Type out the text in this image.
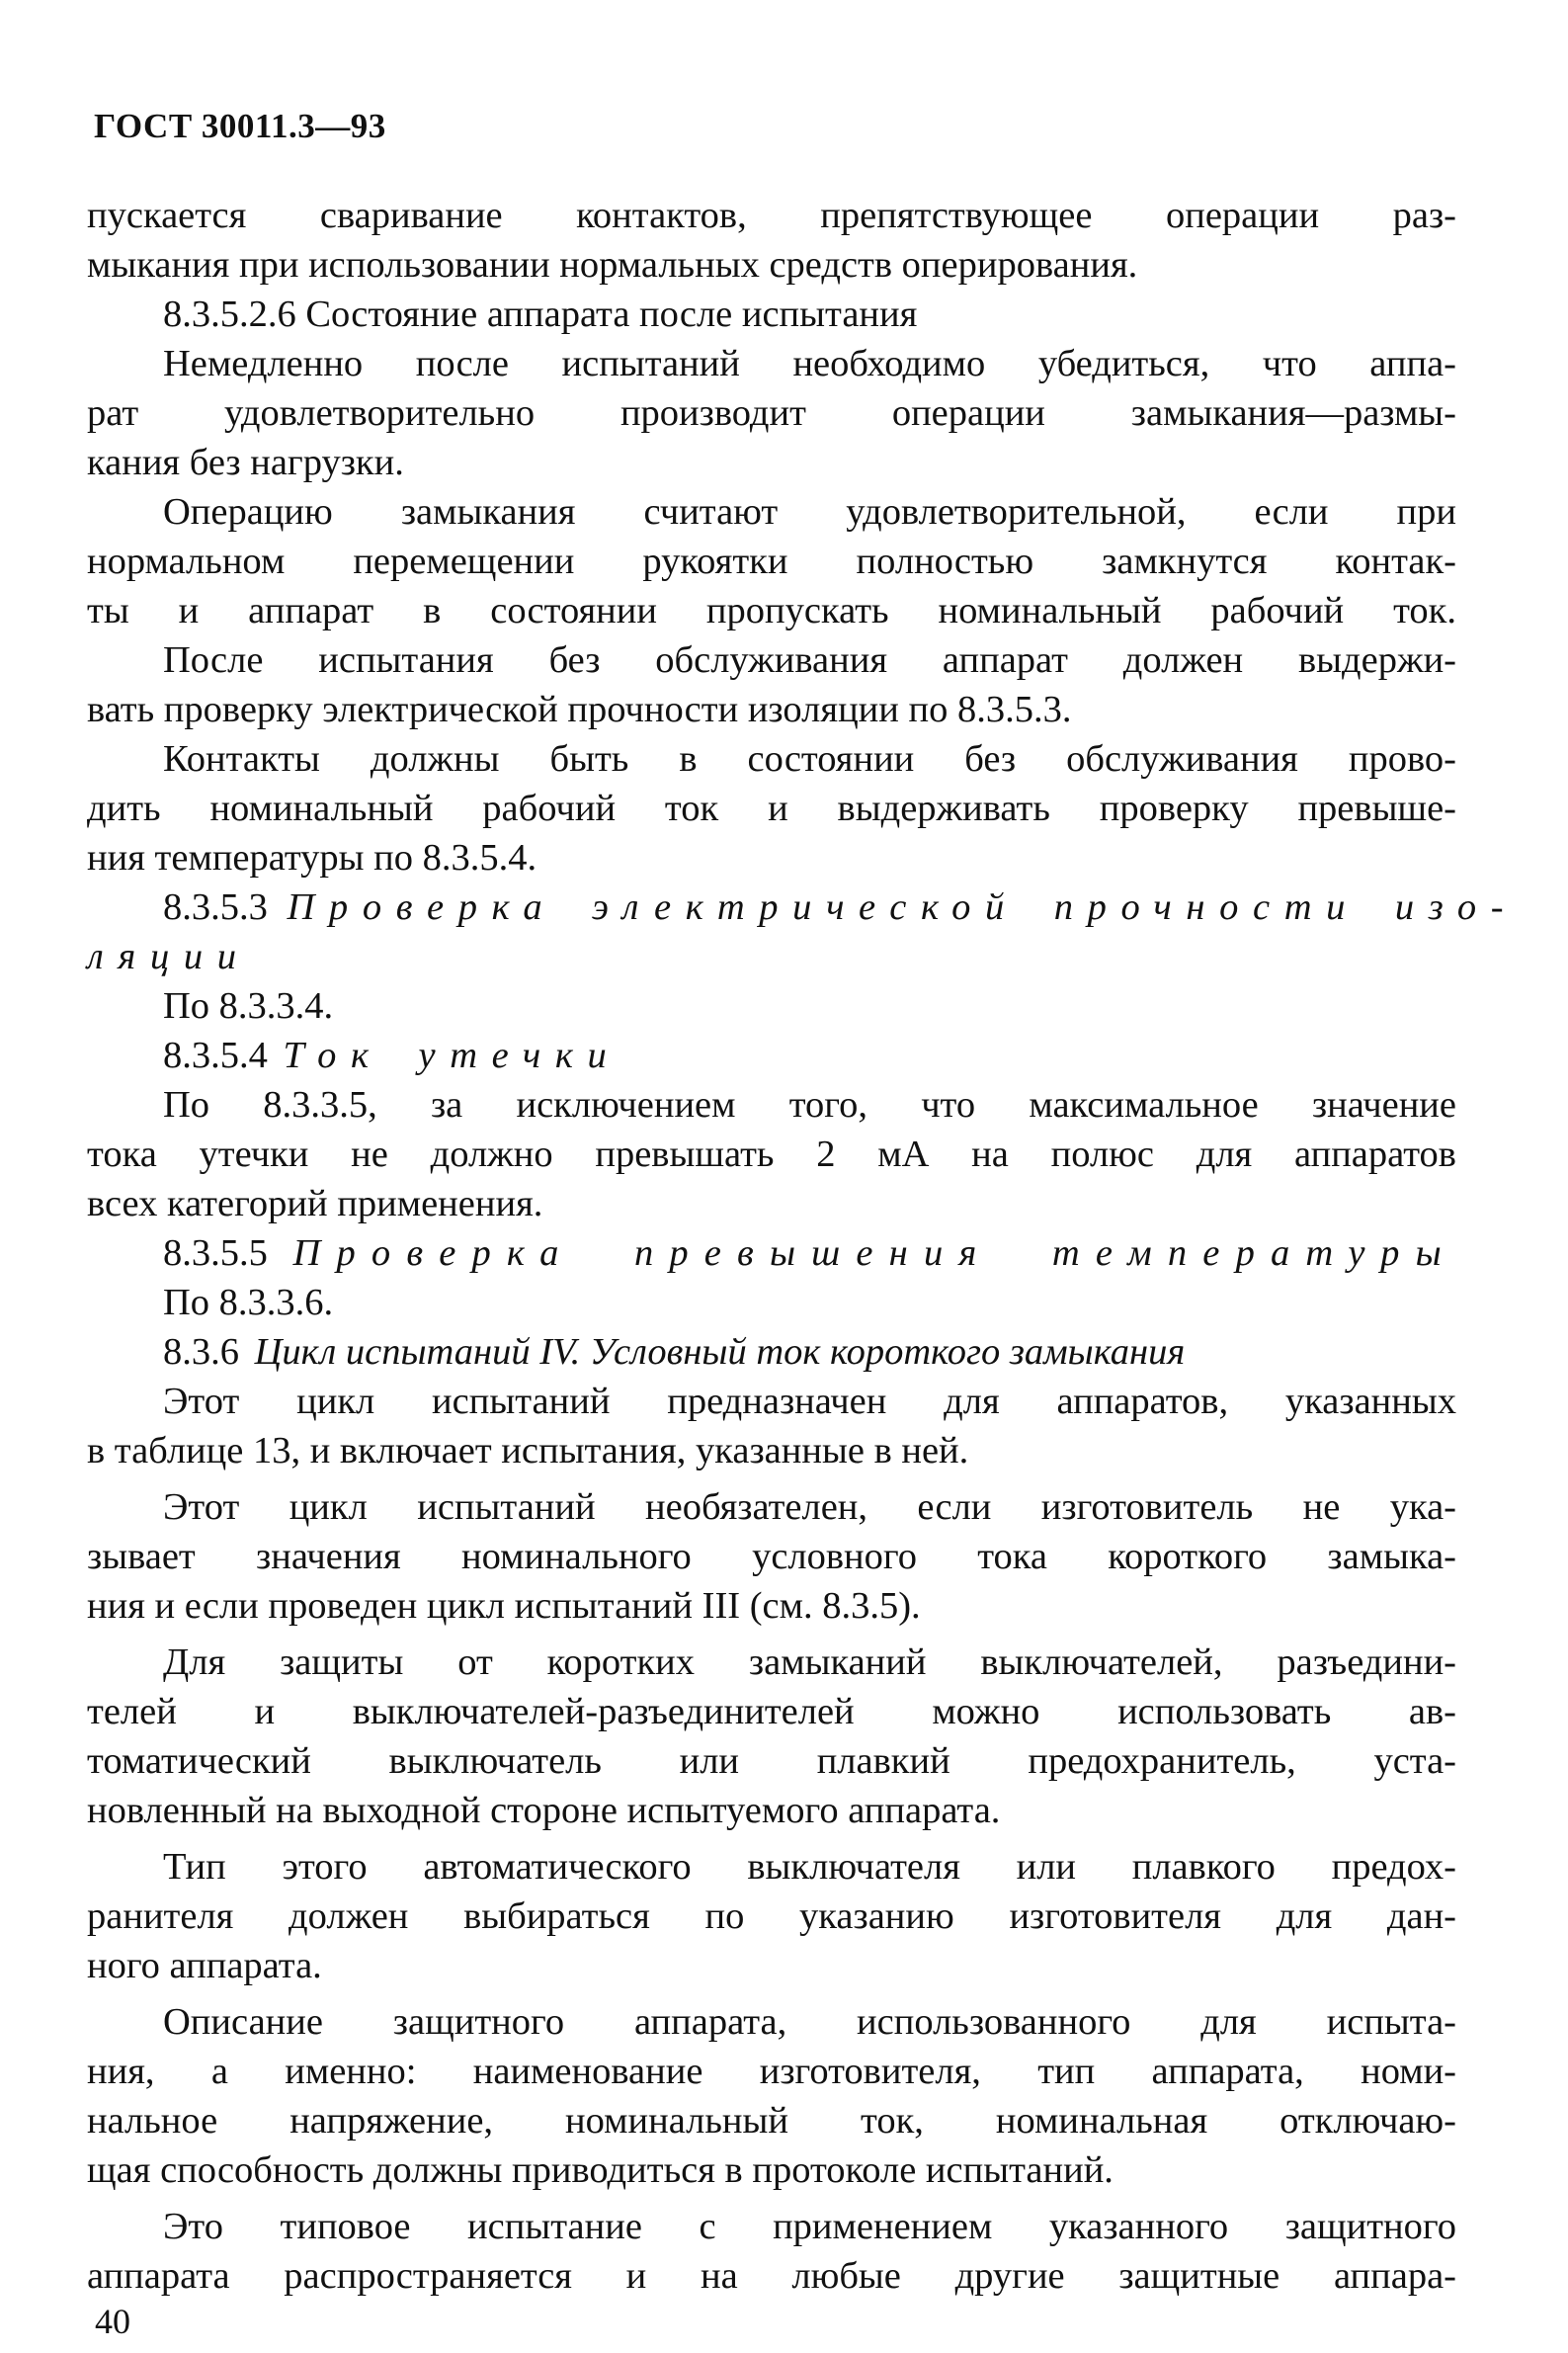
ГОСТ 30011.3—93
пускается сваривание контактов, препятствующее операции раз-
мыкания при использовании нормальных средств оперирования.
8.3.5.2.6 Состояние аппарата после испытания
Немедленно после испытаний необходимо убедиться, что аппа-
рат удовлетворительно производит операции замыкания—размы-
кания без нагрузки.
Операцию замыкания считают удовлетворительной, если при
нормальном перемещении рукоятки полностью замкнутся контак-
ты и аппарат в состоянии пропускать номинальный рабочий ток.
После испытания без обслуживания аппарат должен выдержи-
вать проверку электрической прочности изоляции по 8.3.5.3.
Контакты должны быть в состоянии без обслуживания прово-
дить номинальный рабочий ток и выдерживать проверку превыше-
ния температуры по 8.3.5.4.
8.3.5.3 Проверка электрической прочности изо-
ляции
По 8.3.3.4.
8.3.5.4 Ток утечки
По 8.3.3.5, за исключением того, что максимальное значение
тока утечки не должно превышать 2 мА на полюс для аппаратов
всех категорий применения.
8.3.5.5 Проверка превышения температуры
По 8.3.3.6.
8.3.6 Цикл испытаний IV. Условный ток короткого замыкания
Этот цикл испытаний предназначен для аппаратов, указанных
в таблице 13, и включает испытания, указанные в ней.
Этот цикл испытаний необязателен, если изготовитель не ука-
зывает значения номинального условного тока короткого замыка-
ния и если проведен цикл испытаний III (см. 8.3.5).
Для защиты от коротких замыканий выключателей, разъедини-
телей и выключателей-разъединителей можно использовать ав-
томатический выключатель или плавкий предохранитель, уста-
новленный на выходной стороне испытуемого аппарата.
Тип этого автоматического выключателя или плавкого предох-
ранителя должен выбираться по указанию изготовителя для дан-
ного аппарата.
Описание защитного аппарата, использованного для испыта-
ния, а именно: наименование изготовителя, тип аппарата, номи-
нальное напряжение, номинальный ток, номинальная отключаю-
щая способность должны приводиться в протоколе испытаний.
Это типовое испытание с применением указанного защитного
аппарата распространяется и на любые другие защитные аппара-
40
